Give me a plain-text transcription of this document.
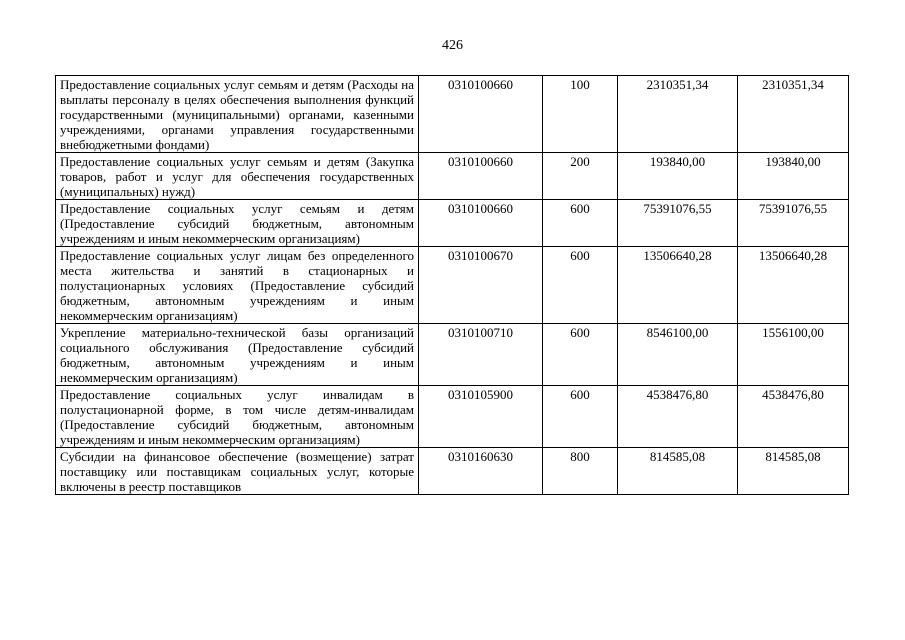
426
Предоставление социальных услуг семьям и детям (Расходы на выплаты персоналу в целях обеспечения выполнения функций государственными (муниципальными) органами, казенными учреждениями, органами управления государственными внебюджетными фондами)	0310100660	100	2310351,34	2310351,34
Предоставление социальных услуг семьям и детям (Закупка товаров, работ и услуг для обеспечения государственных (муниципальных) нужд)	0310100660	200	193840,00	193840,00
Предоставление социальных услуг семьям и детям (Предоставление субсидий бюджетным, автономным учреждениям и иным некоммерческим организациям)	0310100660	600	75391076,55	75391076,55
Предоставление социальных услуг лицам без определенного места жительства и занятий в стационарных и полустационарных условиях (Предоставление субсидий бюджетным, автономным учреждениям и иным некоммерческим организациям)	0310100670	600	13506640,28	13506640,28
Укрепление материально-технической базы организаций социального обслуживания (Предоставление субсидий бюджетным, автономным учреждениям и иным некоммерческим организациям)	0310100710	600	8546100,00	1556100,00
Предоставление социальных услуг инвалидам в полустационарной форме, в том числе детям-инвалидам (Предоставление субсидий бюджетным, автономным учреждениям и иным некоммерческим организациям)	0310105900	600	4538476,80	4538476,80
Субсидии на финансовое обеспечение (возмещение) затрат поставщику или поставщикам социальных услуг, которые включены в реестр поставщиков	0310160630	800	814585,08	814585,08
